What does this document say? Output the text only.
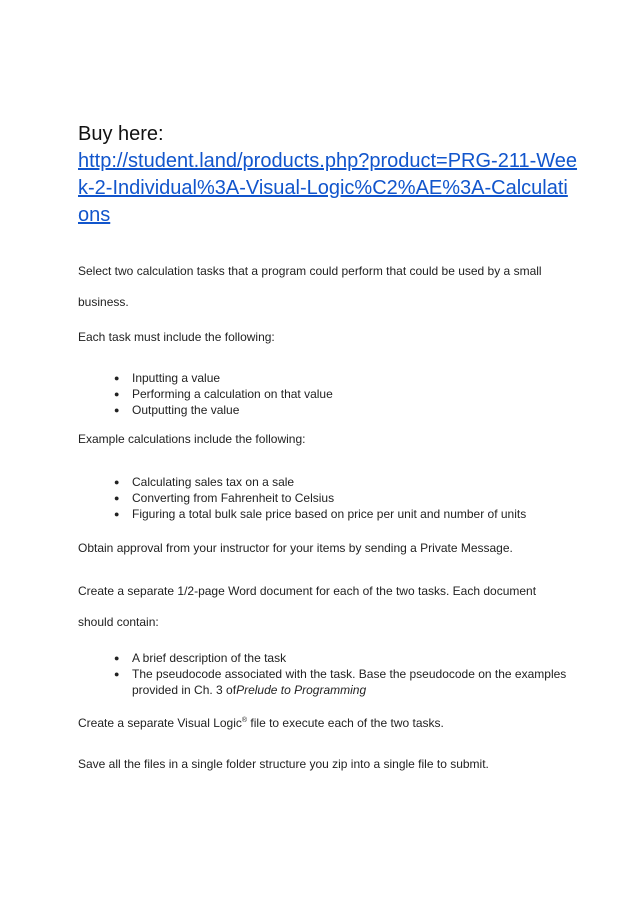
Buy here:
http://student.land/products.php?product=PRG-211-Week-2-Individual%3A-Visual-Logic%C2%AE%3A-Calculations
Select two calculation tasks that a program could perform that could be used by a small business.
Each task must include the following:
● Inputting a value
● Performing a calculation on that value
● Outputting the value
Example calculations include the following:
● Calculating sales tax on a sale
● Converting from Fahrenheit to Celsius
● Figuring a total bulk sale price based on price per unit and number of units
Obtain approval from your instructor for your items by sending a Private Message.
Create a separate 1/2-page Word document for each of the two tasks. Each document should contain:
● A brief description of the task
● The pseudocode associated with the task. Base the pseudocode on the examples provided in Ch. 3 ofPrelude to Programming
Create a separate Visual Logic® file to execute each of the two tasks.
Save all the files in a single folder structure you zip into a single file to submit.
